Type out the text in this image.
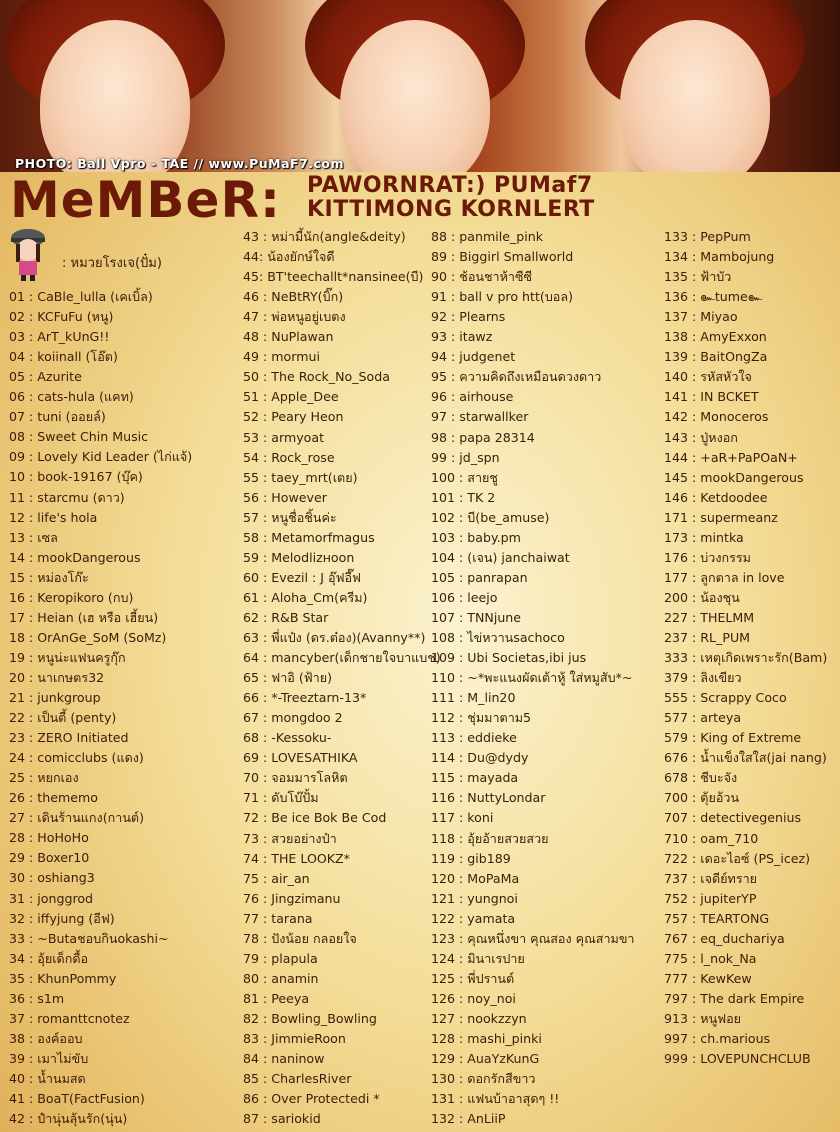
PHOTO: Ball Vpro - TAE // www.PuMaF7.com
MeMBeR: PAWORNRAT:) PUMaf7
KITTIMONG KORNLERT
: หมวยโรงเจ(ปั๋ม)
01 : CaBle_lulla (เคเบิ้ล)
02 : KCFuFu (หนู)
03 : ArT_kUnG!!
04 : koiinall (โอ๊ต)
05 : Azurite
06 : cats-hula (แคท)
07 : tuni (ออยล์)
08 : Sweet Chin Music
09 : Lovely Kid Leader (ไก่แจ้)
10 : book-19167 (บุ๊ค)
11 : starcmu (ดาว)
12 : life's hola
13 : เซล
14 : mookDangerous
15 : หม่องโก๊ะ
16 : Keropikoro (กบ)
17 : Heian (เฮ หรือ เฮี้ยน)
18 : OrAnGe_SoM (SoMz)
19 : หนูน่ะแฟนครูกุ๊ก
20 : นาเกษตร32
21 : junkgroup
22 : เป็นตี้ (penty)
23 : ZERO Initiated
24 : comicclubs (แดง)
25 : หยกเอง
26 : thememo
27 : เดินร้านแกง(กานต์)
28 : HoHoHo
29 : Boxer10
30 : oshiang3
31 : jonggrod
32 : iffyjung (อีฟ)
33 : ~Butaชอบกินokashi~
34 : อุ้ยเด็กดื้อ
35 : KhunPommy
36 : s1m
37 : romanttcnotez
38 : องค์ออบ
39 : เมาไม่ขับ
40 : น้ำนมสด
41 : BoaT(FactFusion)
42 : ปำนุ่นลุ้นรัก(นุ่น)
43 : หม่ามี้นัก(angle&deity)
44: น้องยักษ์ใจดี
45: BT'teechallt*nansinee(บี)
46 : NeBtRY(บิ๊ก)
47 : พ่อหนูอยู่เบตง
48 : NuPlawan
49 : mormui
50 : The Rock_No_Soda
51 : Apple_Dee
52 : Peary Heon
53 : armyoat
54 : Rock_rose
55 : taey_mrt(เตย)
56 : However
57 : หนูชื่อชิ้นค่ะ
58 : Metamorfmagus
59 : Melodlizнoon
60 : Evezil : J อุ๊ฟอี๊ฟ
61 : Aloha_Cm(ครีม)
62 : R&B Star
63 : พี่แป๋ง (ดร.ต๋อง)(Avanny**)
64 : mancyber(เด็กชายใจบาแบช)
65 : ฟาอิ (ฟ้าย)
66 : *-Treeztarn-13*
67 : mongdoo 2
68 : -Kessoku-
69 : LOVESATHIKA
70 : จอมมารโลหิต
71 : ดับโบ๊ปั้ม
72 : Be ice Bok Be Cod
73 : สวยอย่างป๋า
74 : THE LOOKZ*
75 : air_an
76 : Jingzimanu
77 : tarana
78 : ปังน้อย กลอยใจ
79 : plapula
80 : anamin
81 : Peeya
82 : Bowling_Bowling
83 : JimmieRoon
84 : naninow
85 : CharlesRiver
86 : Over Protectedi *
87 : sariokid
88 : panmile_pink
89 : Biggirl Smallworld
90 : ช้อนชาห้าซีซี
91 : ball v pro htt(บอล)
92 : Plearns
93 : itawz
94 : judgenet
95 : ความคิดถึงเหมือนดวงดาว
96 : airhouse
97 : starwallker
98 : papa 28314
99 : jd_spn
100 : สายชู
101 : TK 2
102 : บี(be_amuse)
103 : baby.pm
104 : (เจน) janchaiwat
105 : panrapan
106 : leejo
107 : TNNjune
108 : ไข่หวานsachoco
109 : Ubi Societas,ibi jus
110 : ~*พะแนงผัดเต้าหู้ ใส่หมูสับ*~
111 : M_lin20
112 : ชุ่มมาตาม5
113 : eddieke
114 : Du@dydy
115 : mayada
116 : NuttyLondar
117 : koni
118 : อุ้ยอ้ายสวยสวย
119 : gib189
120 : MoPaMa
121 : yungnoi
122 : yamata
123 : คุณหนึ่งขา คุณสอง คุณสามขา
124 : มินาเรปาย
125 : พี่ปรานต์
126 : noy_noi
127 : nookzzyn
128 : mashi_pinki
129 : AuaYzKunG
130 : ดอกรักสีขาว
131 : แฟนบ้าอาสุดๆ !!
132 : AnLiiP
133 : PepPum
134 : Mambojung
135 : ฟ้าบัว
136 : ๛tume๛
137 : Miyao
138 : AmyExxon
139 : BaitOngZa
140 : รหัสหัวใจ
141 : IN BCKET
142 : Monoceros
143 : ปู่หงอก
144 : +aR+PaPOaN+
145 : mookDangerous
146 : Ketdoodee
171 : supermeanz
173 : mintka
176 : บ่วงกรรม
177 : ลูกตาล in love
200 : น้องชุน
227 : THELMM
237 : RL_PUM
333 : เหตุเกิดเพราะรัก(Bam)
379 : ลิงเขียว
555 : Scrappy Coco
577 : arteya
579 : King of Extreme
676 : น้ำแข็งใสใส(jai nang)
678 : ชีบะจัง
700 : ตุ้ยอ้วน
707 : detectivegenius
710 : oam_710
722 : เดอะไอซ์ (PS_icez)
737 : เจดีย์ทราย
752 : jupiterYP
757 : TEARTONG
767 : eq_duchariya
775 : l_nok_Na
777 : KewKew
797 : The dark Empire
913 : หนูฟอย
997 : ch.marious
999 : LOVEPUNCHCLUB
